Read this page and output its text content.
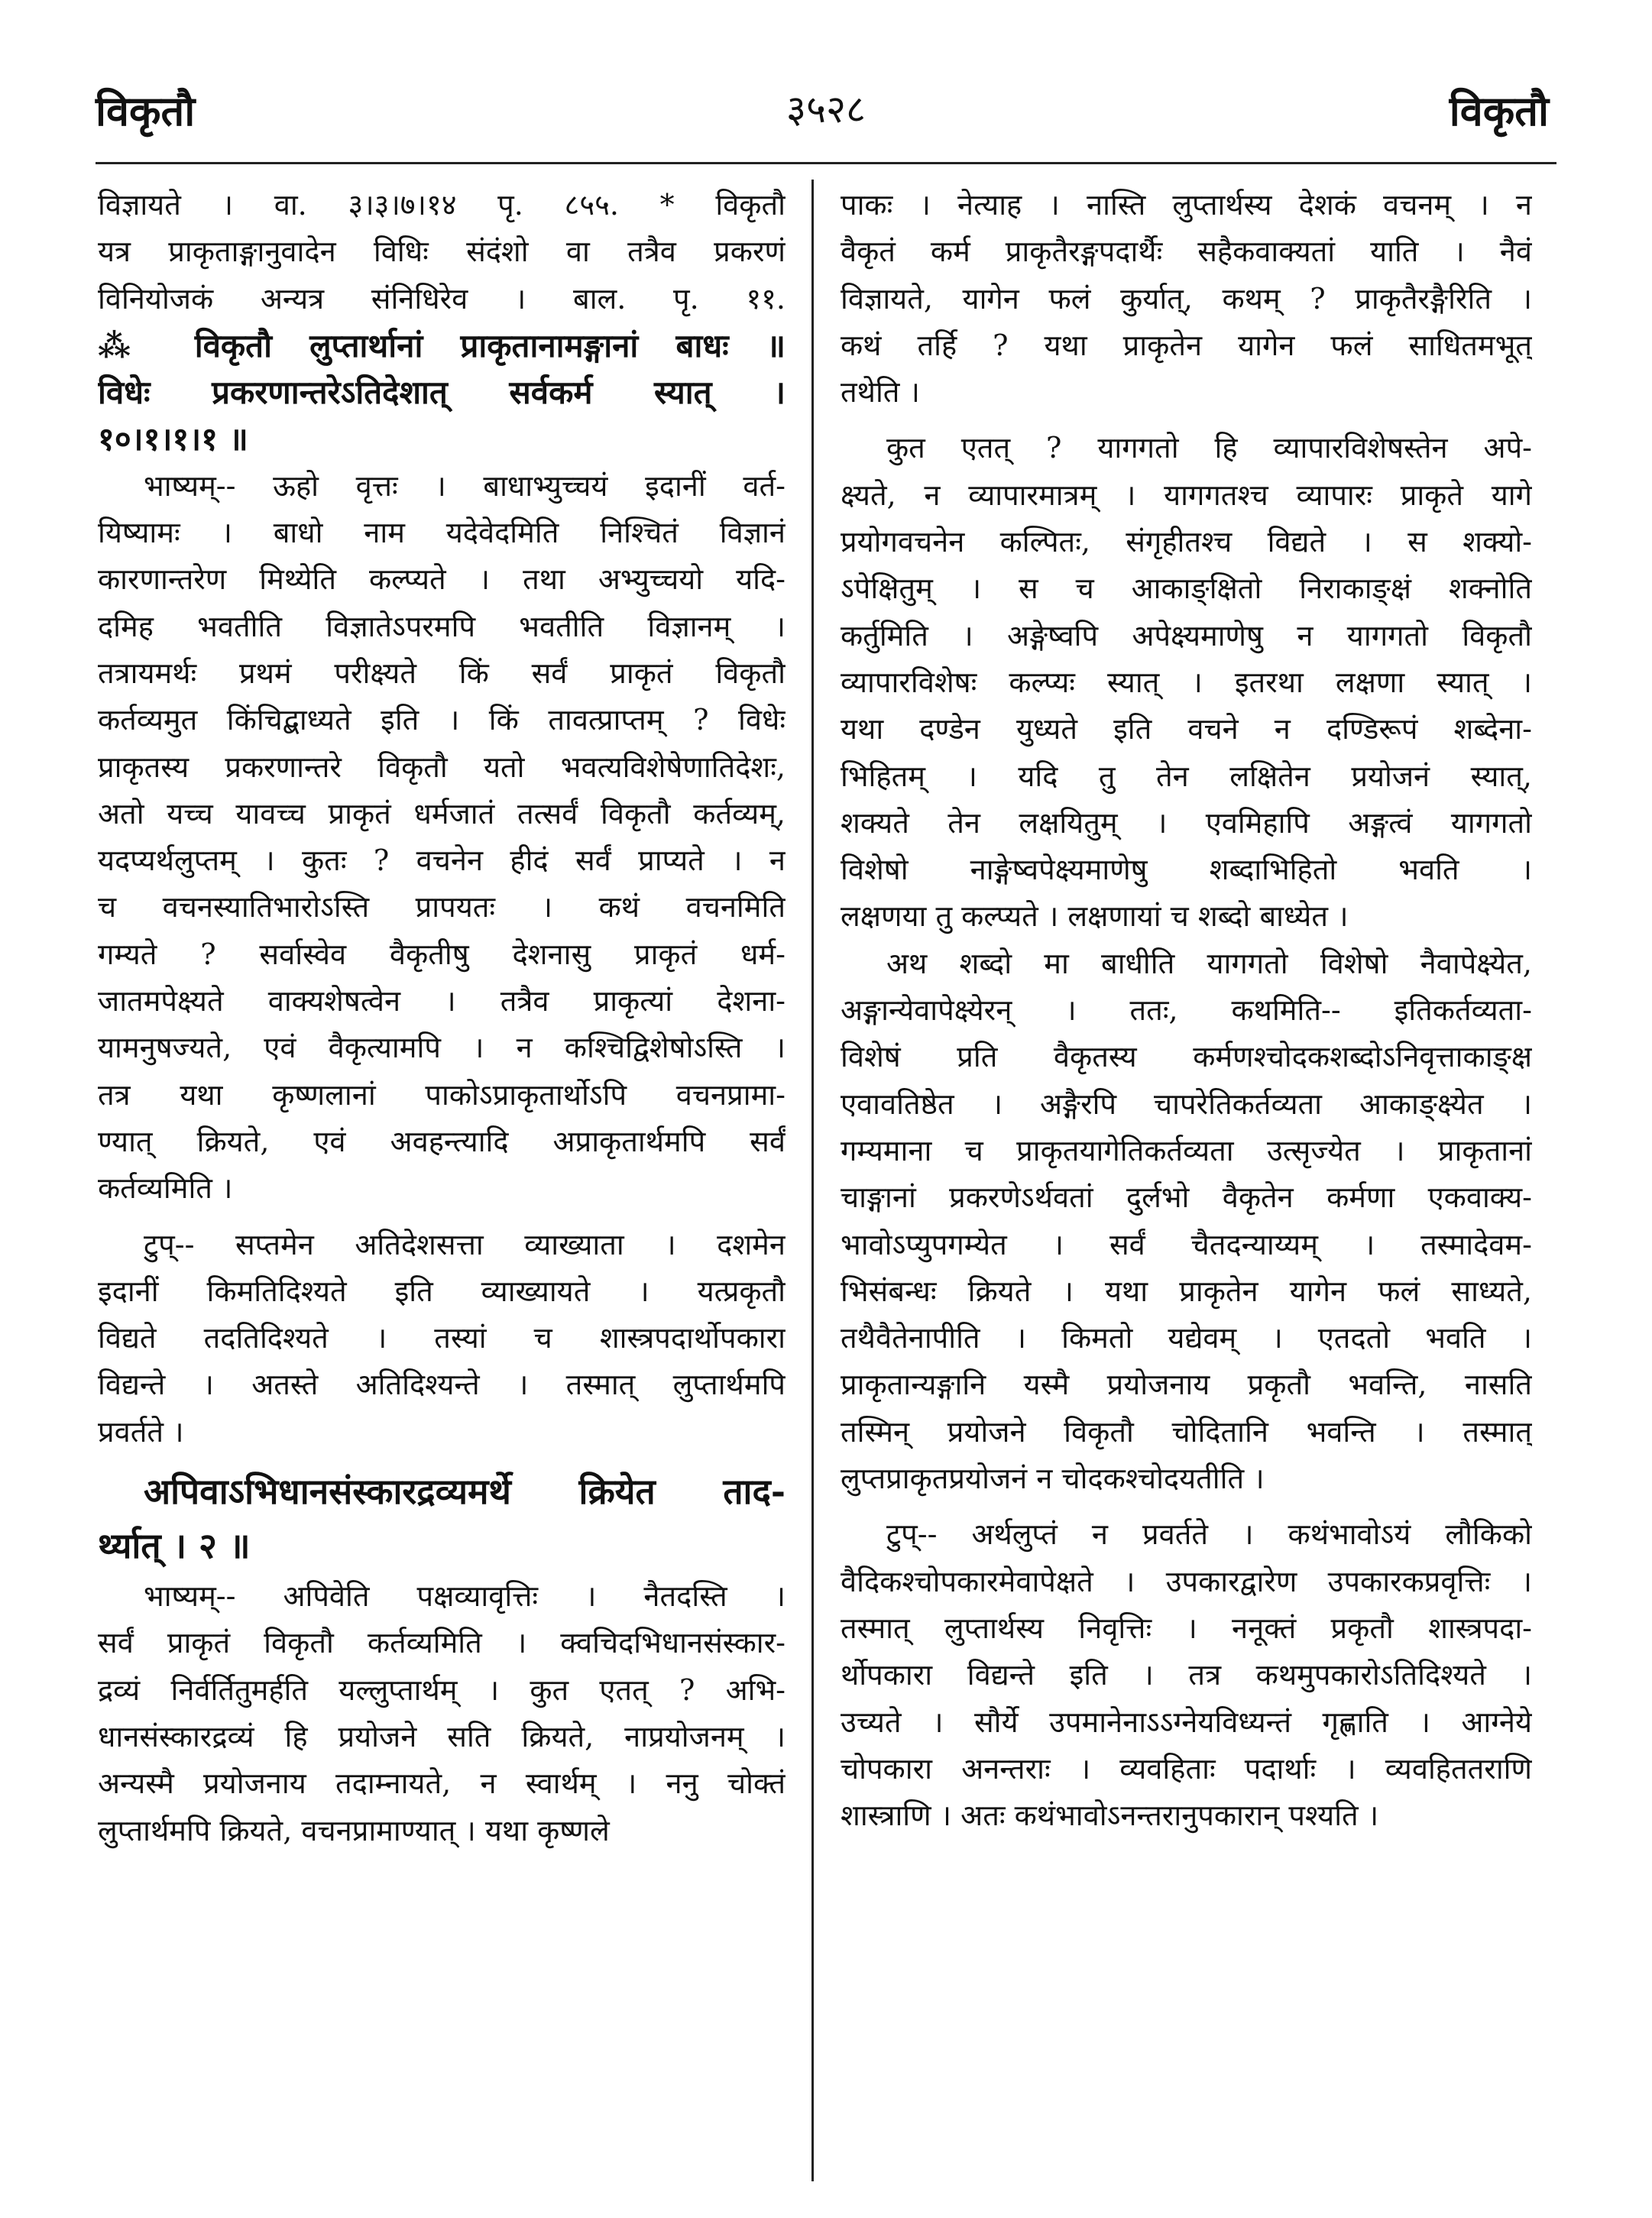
विकृतौ	३५२८	विकृतौ
विज्ञायते । वा. ३।३।७।१४ पृ. ८५५. * विकृतौ
यत्र प्राकृताङ्गानुवादेन विधिः संदंशो वा तत्रैव प्रकरणं
विनियोजकं अन्यत्र संनिधिरेव । बाल. पृ. ११.
⁂ विकृतौ लुप्तार्थानां प्राकृतानामङ्गानां बाधः ॥
विधेः प्रकरणान्तरेऽतिदेशात् सर्वकर्म स्यात् ।
१०।१।१।१ ॥
भाष्यम्-- ऊहो वृत्तः । बाधाभ्युच्चयं इदानीं वर्त-
यिष्यामः । बाधो नाम यदेवेदमिति निश्चितं विज्ञानं
कारणान्तरेण मिथ्येति कल्प्यते । तथा अभ्युच्चयो यदि-
दमिह भवतीति विज्ञातेऽपरमपि भवतीति विज्ञानम् ।
तत्रायमर्थः प्रथमं परीक्ष्यते किं सर्वं प्राकृतं विकृतौ
कर्तव्यमुत किंचिद्बाध्यते इति । किं तावत्प्राप्तम् ? विधेः
प्राकृतस्य प्रकरणान्तरे विकृतौ यतो भवत्यविशेषेणातिदेशः,
अतो यच्च यावच्च प्राकृतं धर्मजातं तत्सर्वं विकृतौ कर्तव्यम्,
यदप्यर्थलुप्तम् । कुतः ? वचनेन हीदं सर्वं प्राप्यते । न
च वचनस्यातिभारोऽस्ति प्रापयतः । कथं वचनमिति
गम्यते ? सर्वास्वेव वैकृतीषु देशनासु प्राकृतं धर्म-
जातमपेक्ष्यते वाक्यशेषत्वेन । तत्रैव प्राकृत्यां देशना-
यामनुषज्यते, एवं वैकृत्यामपि । न कश्चिद्विशेषोऽस्ति ।
तत्र यथा कृष्णलानां पाकोऽप्राकृतार्थोऽपि वचनप्रामा-
ण्यात् क्रियते, एवं अवहन्त्यादि अप्राकृतार्थमपि सर्वं
कर्तव्यमिति ।
टुप्-- सप्तमेन अतिदेशसत्ता व्याख्याता । दशमेन
इदानीं किमतिदिश्यते इति व्याख्यायते । यत्प्रकृतौ
विद्यते तदतिदिश्यते । तस्यां च शास्त्रपदार्थोपकारा
विद्यन्ते । अतस्ते अतिदिश्यन्ते । तस्मात् लुप्तार्थमपि
प्रवर्तते ।
अपिवाऽभिधानसंस्कारद्रव्यमर्थे क्रियेत ताद-
र्थ्यात् । २ ॥
भाष्यम्-- अपिवेति पक्षव्यावृत्तिः । नैतदस्ति ।
सर्वं प्राकृतं विकृतौ कर्तव्यमिति । क्वचिदभिधानसंस्कार-
द्रव्यं निर्वर्तितुमर्हति यल्लुप्तार्थम् । कुत एतत् ? अभि-
धानसंस्कारद्रव्यं हि प्रयोजने सति क्रियते, नाप्रयोजनम् ।
अन्यस्मै प्रयोजनाय तदाम्नायते, न स्वार्थम् । ननु चोक्तं
लुप्तार्थमपि क्रियते, वचनप्रामाण्यात् । यथा कृष्णले
पाकः । नेत्याह । नास्ति लुप्तार्थस्य देशकं वचनम् । न
वैकृतं कर्म प्राकृतैरङ्गपदार्थैः सहैकवाक्यतां याति । नैवं
विज्ञायते, यागेन फलं कुर्यात्, कथम् ? प्राकृतैरङ्गैरिति ।
कथं तर्हि ? यथा प्राकृतेन यागेन फलं साधितमभूत्
तथेति ।
कुत एतत् ? यागगतो हि व्यापारविशेषस्तेन अपे-
क्ष्यते, न व्यापारमात्रम् । यागगतश्च व्यापारः प्राकृते यागे
प्रयोगवचनेन कल्पितः, संगृहीतश्च विद्यते । स शक्यो-
ऽपेक्षितुम् । स च आकाङ्क्षितो निराकाङ्क्षं शक्नोति
कर्तुमिति । अङ्गेष्वपि अपेक्ष्यमाणेषु न यागगतो विकृतौ
व्यापारविशेषः कल्प्यः स्यात् । इतरथा लक्षणा स्यात् ।
यथा दण्डेन युध्यते इति वचने न दण्डिरूपं शब्देना-
भिहितम् । यदि तु तेन लक्षितेन प्रयोजनं स्यात्,
शक्यते तेन लक्षयितुम् । एवमिहापि अङ्गत्वं यागगतो
विशेषो नाङ्गेष्वपेक्ष्यमाणेषु शब्दाभिहितो भवति ।
लक्षणया तु कल्प्यते । लक्षणायां च शब्दो बाध्येत ।
अथ शब्दो मा बाधीति यागगतो विशेषो नैवापेक्ष्येत,
अङ्गान्येवापेक्ष्येरन् । ततः, कथमिति-- इतिकर्तव्यता-
विशेषं प्रति वैकृतस्य कर्मणश्चोदकशब्दोऽनिवृत्ताकाङ्क्ष
एवावतिष्ठेत । अङ्गैरपि चापरेतिकर्तव्यता आकाङ्क्ष्येत ।
गम्यमाना च प्राकृतयागेतिकर्तव्यता उत्सृज्येत । प्राकृतानां
चाङ्गानां प्रकरणेऽर्थवतां दुर्लभो वैकृतेन कर्मणा एकवाक्य-
भावोऽप्युपगम्येत । सर्वं चैतदन्याय्यम् । तस्मादेवम-
भिसंबन्धः क्रियते । यथा प्राकृतेन यागेन फलं साध्यते,
तथैवैतेनापीति । किमतो यद्येवम् । एतदतो भवति ।
प्राकृतान्यङ्गानि यस्मै प्रयोजनाय प्रकृतौ भवन्ति, नासति
तस्मिन् प्रयोजने विकृतौ चोदितानि भवन्ति । तस्मात्
लुप्तप्राकृतप्रयोजनं न चोदकश्चोदयतीति ।
टुप्-- अर्थलुप्तं न प्रवर्तते । कथंभावोऽयं लौकिको
वैदिकश्चोपकारमेवापेक्षते । उपकारद्वारेण उपकारकप्रवृत्तिः ।
तस्मात् लुप्तार्थस्य निवृत्तिः । ननूक्तं प्रकृतौ शास्त्रपदा-
र्थोपकारा विद्यन्ते इति । तत्र कथमुपकारोऽतिदिश्यते ।
उच्यते । सौर्ये उपमानेनाऽऽग्नेयविध्यन्तं गृह्णाति । आग्नेये
चोपकारा अनन्तराः । व्यवहिताः पदार्थाः । व्यवहिततराणि
शास्त्राणि । अतः कथंभावोऽनन्तरानुपकारान् पश्यति ।
